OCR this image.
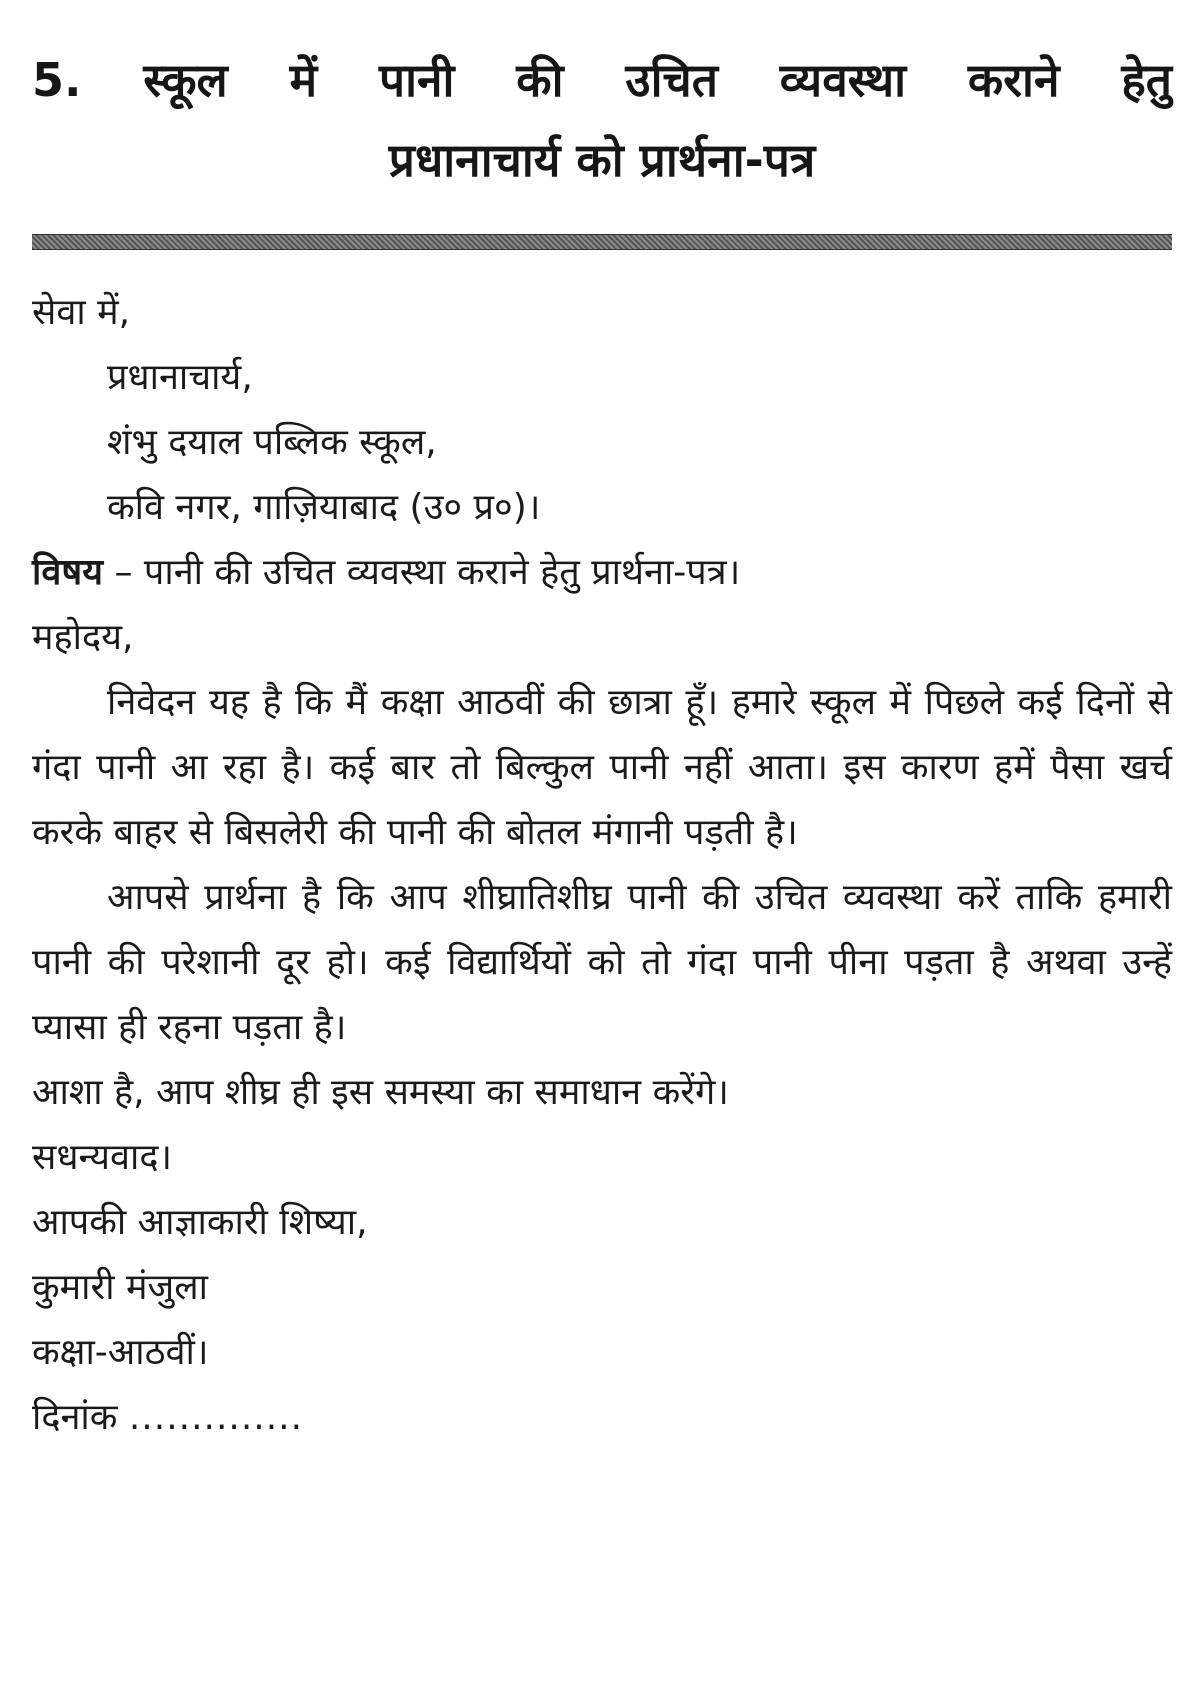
5. स्कूल में पानी की उचित व्यवस्था कराने हेतु
प्रधानाचार्य को प्रार्थना-पत्र
सेवा में,
प्रधानाचार्य,
शंभु दयाल पब्लिक स्कूल,
कवि नगर, गाज़ियाबाद (उ० प्र०)।
विषय – पानी की उचित व्यवस्था कराने हेतु प्रार्थना-पत्र।
महोदय,
निवेदन यह है कि मैं कक्षा आठवीं की छात्रा हूँ। हमारे स्कूल में पिछले कई दिनों से गंदा पानी आ रहा है। कई बार तो बिल्कुल पानी नहीं आता। इस कारण हमें पैसा खर्च करके बाहर से बिसलेरी की पानी की बोतल मंगानी पड़ती है।
आपसे प्रार्थना है कि आप शीघ्रातिशीघ्र पानी की उचित व्यवस्था करें ताकि हमारी पानी की परेशानी दूर हो। कई विद्यार्थियों को तो गंदा पानी पीना पड़ता है अथवा उन्हें प्यासा ही रहना पड़ता है।
आशा है, आप शीघ्र ही इस समस्या का समाधान करेंगे।
सधन्यवाद।
आपकी आज्ञाकारी शिष्या,
कुमारी मंजुला
कक्षा-आठवीं।
दिनांक ..............
